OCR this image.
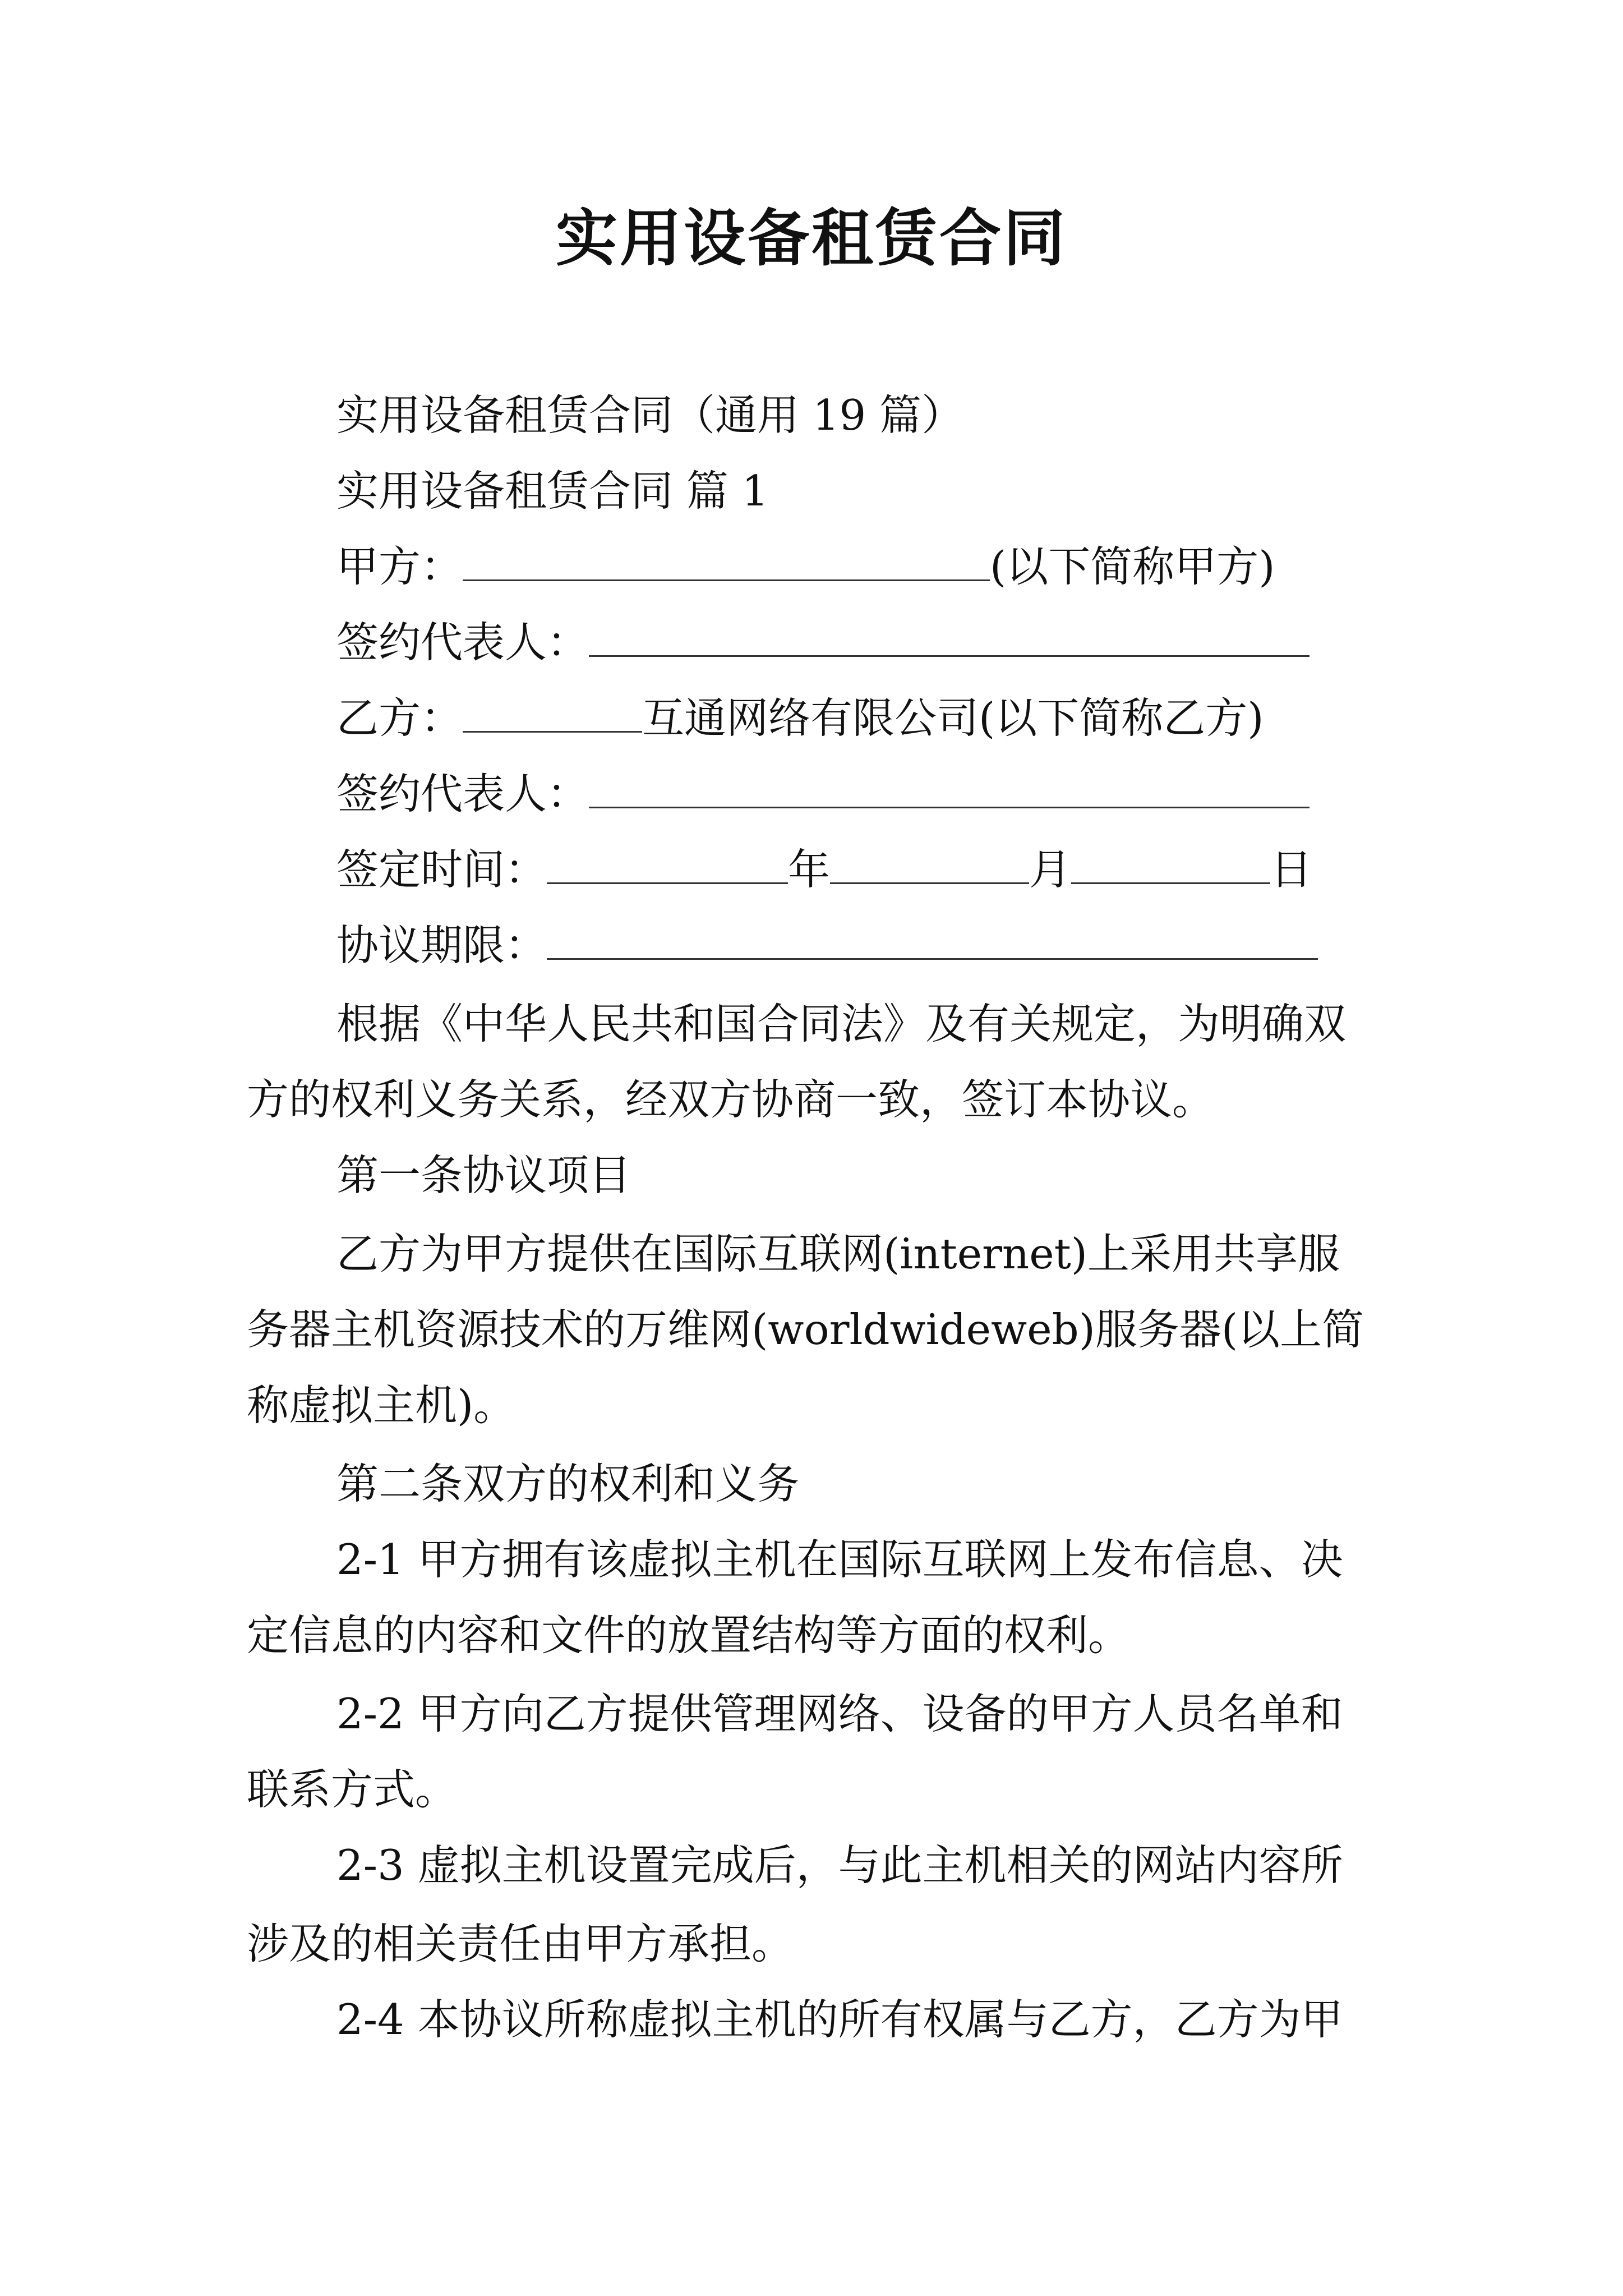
实用设备租赁合同
实用设备租赁合同（通用 19 篇）
实用设备租赁合同 篇 1
甲方：	(以下简称甲方)
签约代表人：
乙方：	互通网络有限公司(以下简称乙方)
签约代表人：
签定时间：	年	月	日
协议期限：
根据《中华人民共和国合同法》及有关规定，为明确双
方的权利义务关系，经双方协商一致，签订本协议。
第一条协议项目
乙方为甲方提供在国际互联网(internet)上采用共享服
务器主机资源技术的万维网(worldwideweb)服务器(以上简
称虚拟主机)。
第二条双方的权利和义务
2-1 甲方拥有该虚拟主机在国际互联网上发布信息、决
定信息的内容和文件的放置结构等方面的权利。
2-2 甲方向乙方提供管理网络、设备的甲方人员名单和
联系方式。
2-3 虚拟主机设置完成后，与此主机相关的网站内容所
涉及的相关责任由甲方承担。
2-4 本协议所称虚拟主机的所有权属与乙方，乙方为甲
